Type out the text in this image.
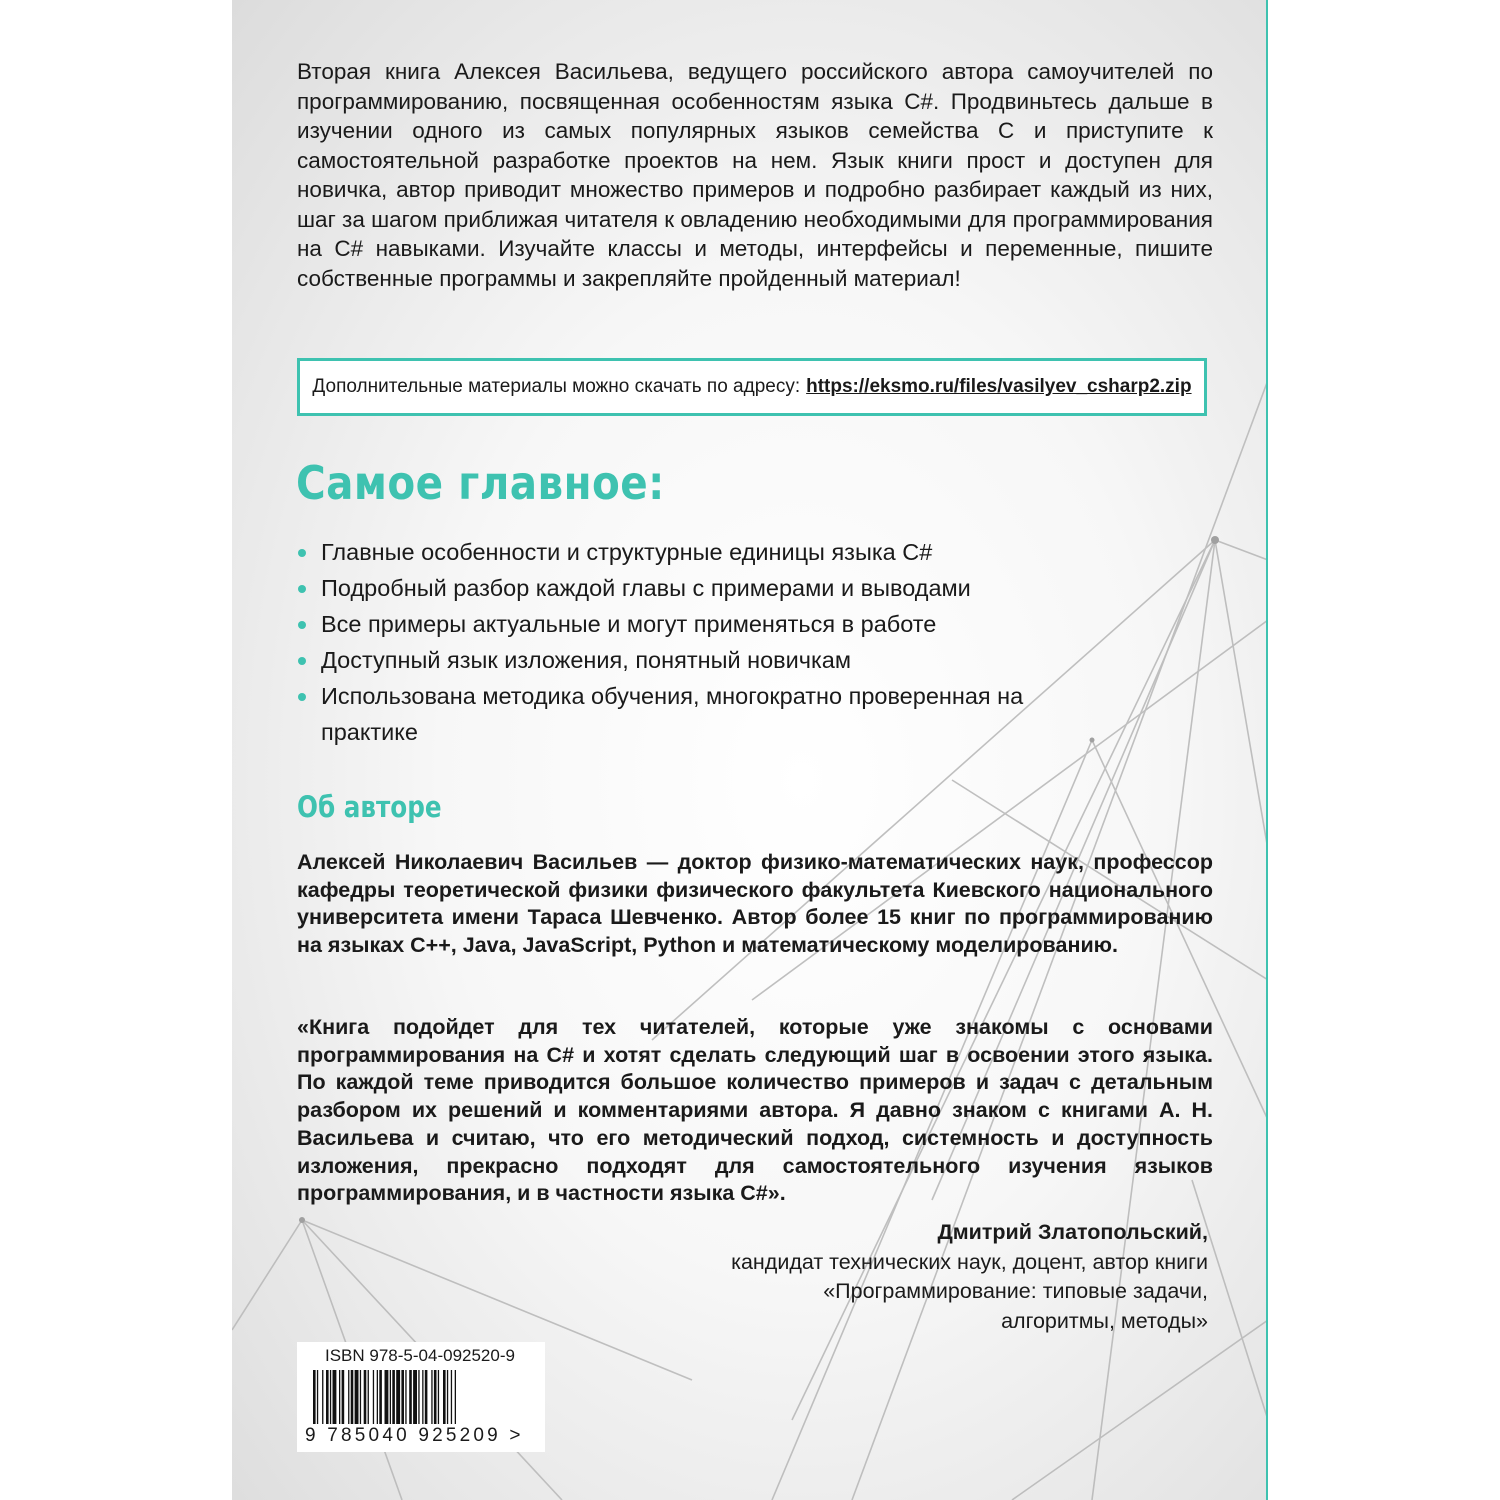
Вторая книга Алексея Васильева, ведущего российского автора самоучителей по программированию, посвященная особенностям языка C#. Продвиньтесь дальше в изучении одного из самых популярных языков семейства C и приступите к самостоятельной разработке проектов на нем. Язык книги прост и доступен для новичка, автор приводит множество примеров и подробно разбирает каждый из них, шаг за шагом приближая читателя к овладению необходимыми для программирования на C# навыками. Изучайте классы и методы, интерфейсы и переменные, пишите собственные программы и закрепляйте пройденный материал!

Дополнительные материалы можно скачать по адресу: https://eksmo.ru/files/vasilyev_csharp2.zip
Самое главное:
Главные особенности и структурные единицы языка C#
Подробный разбор каждой главы с примерами и выводами
Все примеры актуальные и могут применяться в работе
Доступный язык изложения, понятный новичкам
Использована методика обучения, многократно проверенная на практике
Об авторе

Алексей Николаевич Васильев — доктор физико-математических наук, профессор кафедры теоретической физики физического факультета Киевского национального университета имени Тараса Шевченко. Автор более 15 книг по программированию на языках C++, Java, JavaScript, Python и математическому моделированию.

«Книга подойдет для тех читателей, которые уже знакомы с основами программирования на C# и хотят сделать следующий шаг в освоении этого языка. По каждой теме приводится большое количество примеров и задач с детальным разбором их решений и комментариями автора. Я давно знаком с книгами А. Н. Васильева и считаю, что его методический подход, системность и доступность изложения, прекрасно подходят для самостоятельного изучения языков программирования, и в частности языка C#».

Дмитрий Златопольский,
кандидат технических наук, доцент, автор книги
«Программирование: типовые задачи,
алгоритмы, методы»

ISBN 978-5-04-092520-9
9 785040 925209 >
